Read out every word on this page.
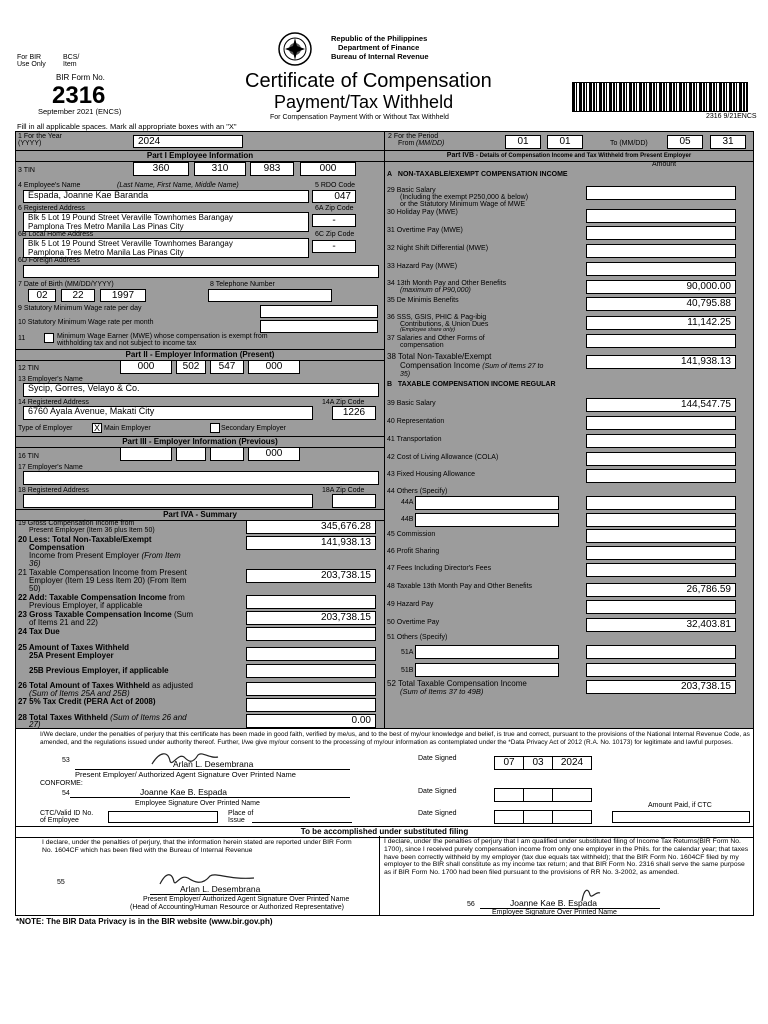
For BIR
Use Only
BCS/
Item
Republic of the Philippines
Department of Finance
Bureau of Internal Revenue
BIR Form No.
2316
September 2021 (ENCS)
Certificate of Compensation
Payment/Tax Withheld
For Compensation Payment With or Without Tax Withheld	2316 9/21ENCS
Fill in all applicable spaces. Mark all appropriate boxes with an "X"
1 For the Year
(YYYY)	2024	2 For the Period
From (MM/DD)	01	01	To (MM/DD)	05	31
Part I Employee Information
3 TIN	360	310	983	000
4 Employee's Name	(Last Name, First Name, Middle Name)	5 RDO Code
Espada, Joanne Kae Baranda	047
6 Registered Address	6A Zip Code
Blk 5 Lot 19 Pound Street Veraville Townhomes Barangay
Pamplona Tres Metro Manila Las Pinas City
-
6B Local Home Address	6C Zip Code
Blk 5 Lot 19 Pound Street Veraville Townhomes Barangay
Pamplona Tres Metro Manila Las Pinas City
-
6D Foreign Address
7 Date of Birth (MM/DD/YYYY)	8 Telephone Number
02	22	1997
9 Statutory Minimum Wage rate per day
10 Statutory Minimum Wage rate per month
11	Minimum Wage Earner (MWE) whose compensation is exempt from
withholding tax and not subject to income tax
Part II - Employer Information (Present)
12 TIN	000	502	547	000
13 Employer's Name
Sycip, Gorres, Velayo & Co.
14 Registered Address	14A Zip Code
6760 Ayala Avenue, Makati City	1226
Type of Employer X Main Employer	Secondary Employer
Part III - Employer Information (Previous)
16 TIN	000
17 Employer's Name
18 Registered Address	18A Zip Code
Part IVA - Summary
19 Gross Compensation Income from
Present Employer (Item 36 plus Item 50)	345,676.28
20 Less: Total Non-Taxable/Exempt
Compensation
Income from Present Employer (From Item
36)
141,938.13
21 Taxable Compensation Income from Present
Employer (Item 19 Less Item 20) (From Item
50)
203,738.15
22 Add: Taxable Compensation Income from
Previous Employer, if applicable
23 Gross Taxable Compensation Income (Sum
of Items 21 and 22)	203,738.15
24 Tax Due
25 Amount of Taxes Withheld
25A Present Employer
25B Previous Employer, if applicable
26 Total Amount of Taxes Withheld as adjusted
(Sum of Items 25A and 25B)
27 5% Tax Credit (PERA Act of 2008)
28 Total Taxes Withheld (Sum of Items 26 and
27)	0.00
Part IVB - Details of Compensation Income and Tax Withheld from Present Employer
Amount
A NON-TAXABLE/EXEMPT COMPENSATION INCOME
29 Basic Salary
(Including the exempt P250,000 & below)
or the Statutory Minimum Wage of MWE
30 Holiday Pay (MWE)
31 Overtime Pay (MWE)
32 Night Shift Differential (MWE)
33 Hazard Pay (MWE)
34 13th Month Pay and Other Benefits
(maximum of P90,000)	90,000.00
35 De Minimis Benefits	40,795.88
36 SSS, GSIS, PHIC & Pag-ibig
Contributions, & Union Dues
(Employee share only)
11,142.25
37 Salaries and Other Forms of
compensation
38 Total Non-Taxable/Exempt
Compensation Income (Sum of Items 27 to
35)
141,938.13
B TAXABLE COMPENSATION INCOME REGULAR
39 Basic Salary	144,547.75
40 Representation
41 Transportation
42 Cost of Living Allowance (COLA)
43 Fixed Housing Allowance
44 Others (Specify)
44A
44B
45 Commission
46 Profit Sharing
47 Fees Including Director's Fees
48 Taxable 13th Month Pay and Other Benefits	26,786.59
49 Hazard Pay
50 Overtime Pay	32,403.81
51 Others (Specify)
51A
51B
52 Total Taxable Compensation Income
(Sum of Items 37 to 49B)	203,738.15
I/We declare, under the penalties of perjury that this certificate has been made in good faith, verified by me/us, and to the best of my/our knowledge and belief, is true and correct, pursuant to the provisions of the National Internal Revenue Code, as amended, and the regulations issued under authority thereof. Further, I/we give my/our consent to the processing of my/our information as contemplated under the *Data Privacy Act of 2012 (R.A. No. 10173) for legitimate and lawful purposes.
53	Arlan L. Desembrana
Present Employer/ Authorized Agent Signature Over Printed Name
Date Signed	07	03	2024
CONFORME:
54	Joanne Kae B. Espada
Employee Signature Over Printed Name
Date Signed
Amount Paid, if CTC
CTC/Valid ID No.
of Employee
Place of
Issue
Date Signed
To be accomplished under substituted filing
I declare, under the penalties of perjury, that the information herein stated are reported under BIR Form No. 1604CF which has been filed with the Bureau of Internal Revenue
55
Arlan L. Desembrana
Present Employer/ Authorized Agent Signature Over Printed Name
(Head of Accounting/Human Resource or Authorized Representative)
I declare, under the penalties of perjury that I am qualified under substituted filing of Income Tax Returns(BIR Form No. 1700), since I received purely compensation income from only one employer in the Phils. for the calendar year; that taxes have been correctly withheld by my employer (tax due equals tax withheld); that the BIR Form No. 1604CF filed by my employer to the BIR shall constitute as my income tax return; and that BIR Form No. 2316 shall serve the same purpose as if BIR Form No. 1700 had been filed pursuant to the provisions of RR No. 3-2002, as amended.
56	Joanne Kae B. Espada
Employee Signature Over Printed Name
*NOTE: The BIR Data Privacy is in the BIR website (www.bir.gov.ph)
